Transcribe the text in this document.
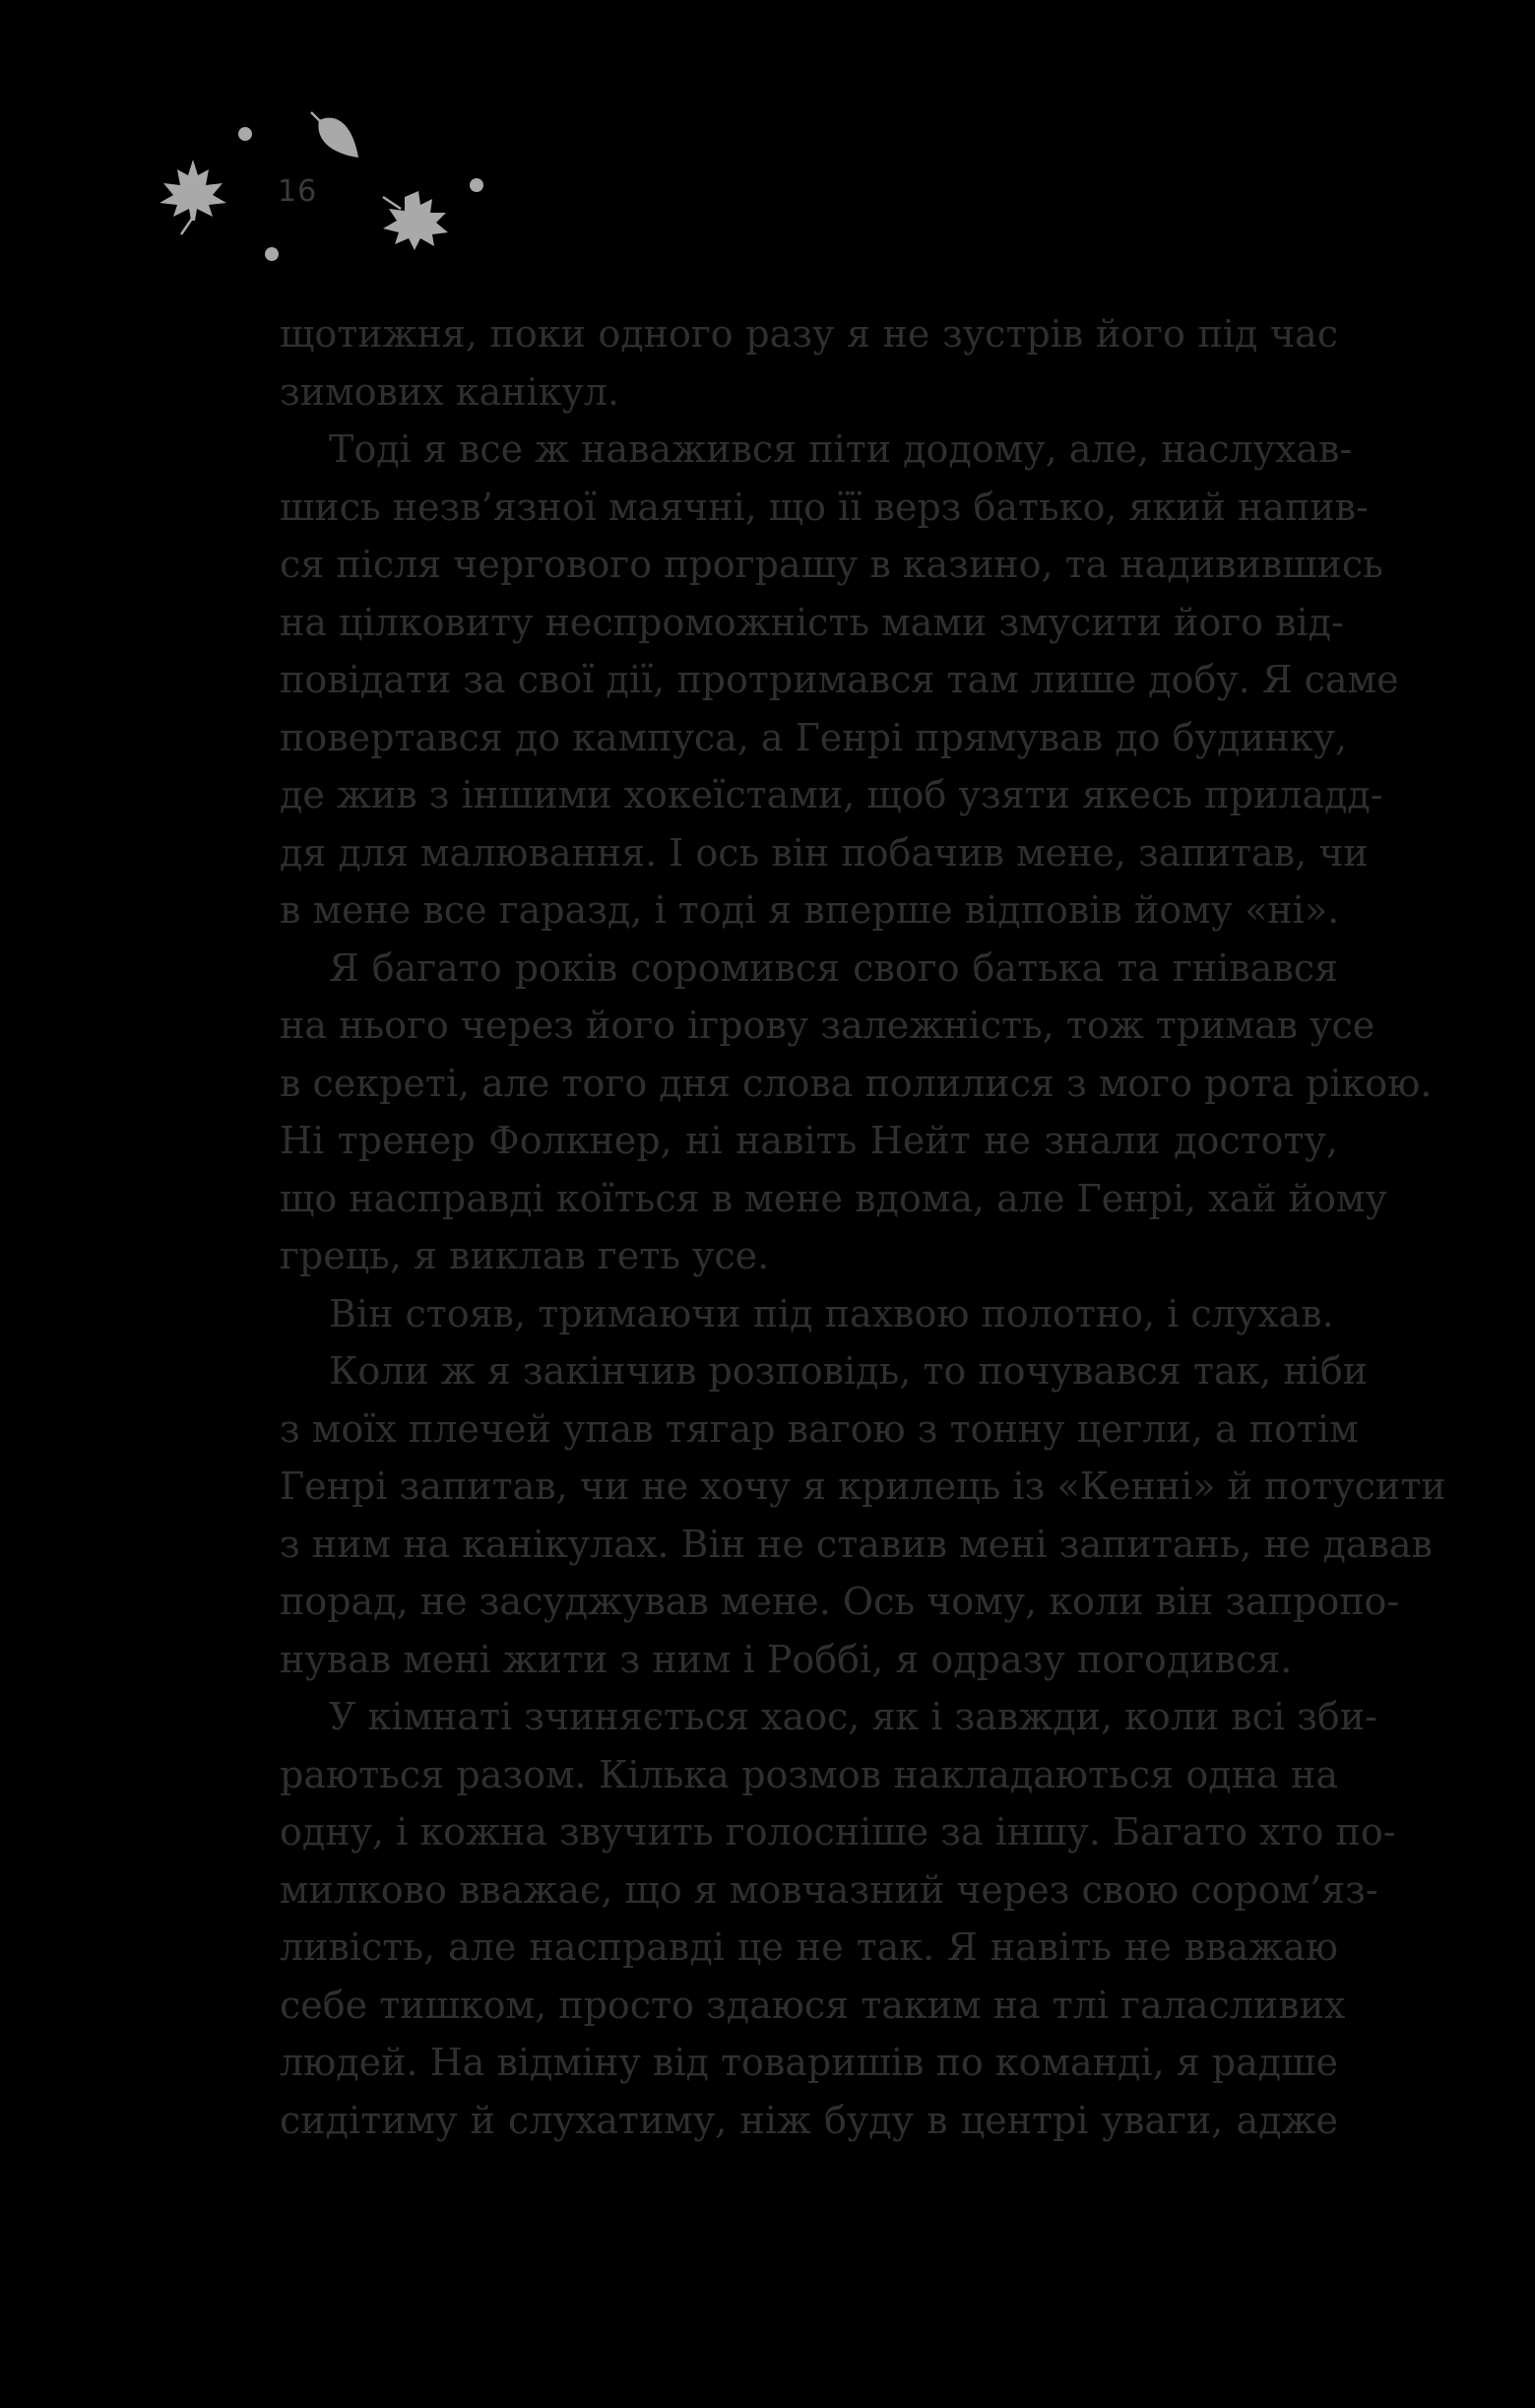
16
щотижня, поки одного разу я не зустрів його під час
зимових канікул.
Тоді я все ж наважився піти додому, але, наслухав-
шись незв’язної маячні, що її верз батько, який напив-
ся після чергового програшу в казино, та надивившись
на цілковиту неспроможність мами змусити його від-
повідати за свої дії, протримався там лише добу. Я саме
повертався до кампуса, а Генрі прямував до будинку,
де жив з іншими хокеїстами, щоб узяти якесь приладд-
дя для малювання. І ось він побачив мене, запитав, чи
в мене все гаразд, і тоді я вперше відповів йому «ні».
Я багато років соромився свого батька та гнівався
на нього через його ігрову залежність, тож тримав усе
в секреті, але того дня слова полилися з мого рота рікою.
Ні тренер Фолкнер, ні навіть Нейт не знали достоту,
що насправді коїться в мене вдома, але Генрі, хай йому
грець, я виклав геть усе.
Він стояв, тримаючи під пахвою полотно, і слухав.
Коли ж я закінчив розповідь, то почувався так, ніби
з моїх плечей упав тягар вагою з тонну цегли, а потім
Генрі запитав, чи не хочу я крилець із «Кенні» й потусити
з ним на канікулах. Він не ставив мені запитань, не давав
порад, не засуджував мене. Ось чому, коли він запропо-
нував мені жити з ним і Роббі, я одразу погодився.
У кімнаті зчиняється хаос, як і завжди, коли всі зби-
раються разом. Кілька розмов накладаються одна на
одну, і кожна звучить голосніше за іншу. Багато хто по-
милково вважає, що я мовчазний через свою сором’яз-
ливість, але насправді це не так. Я навіть не вважаю
себе тишком, просто здаюся таким на тлі галасливих
людей. На відміну від товаришів по команді, я радше
сидітиму й слухатиму, ніж буду в центрі уваги, адже
